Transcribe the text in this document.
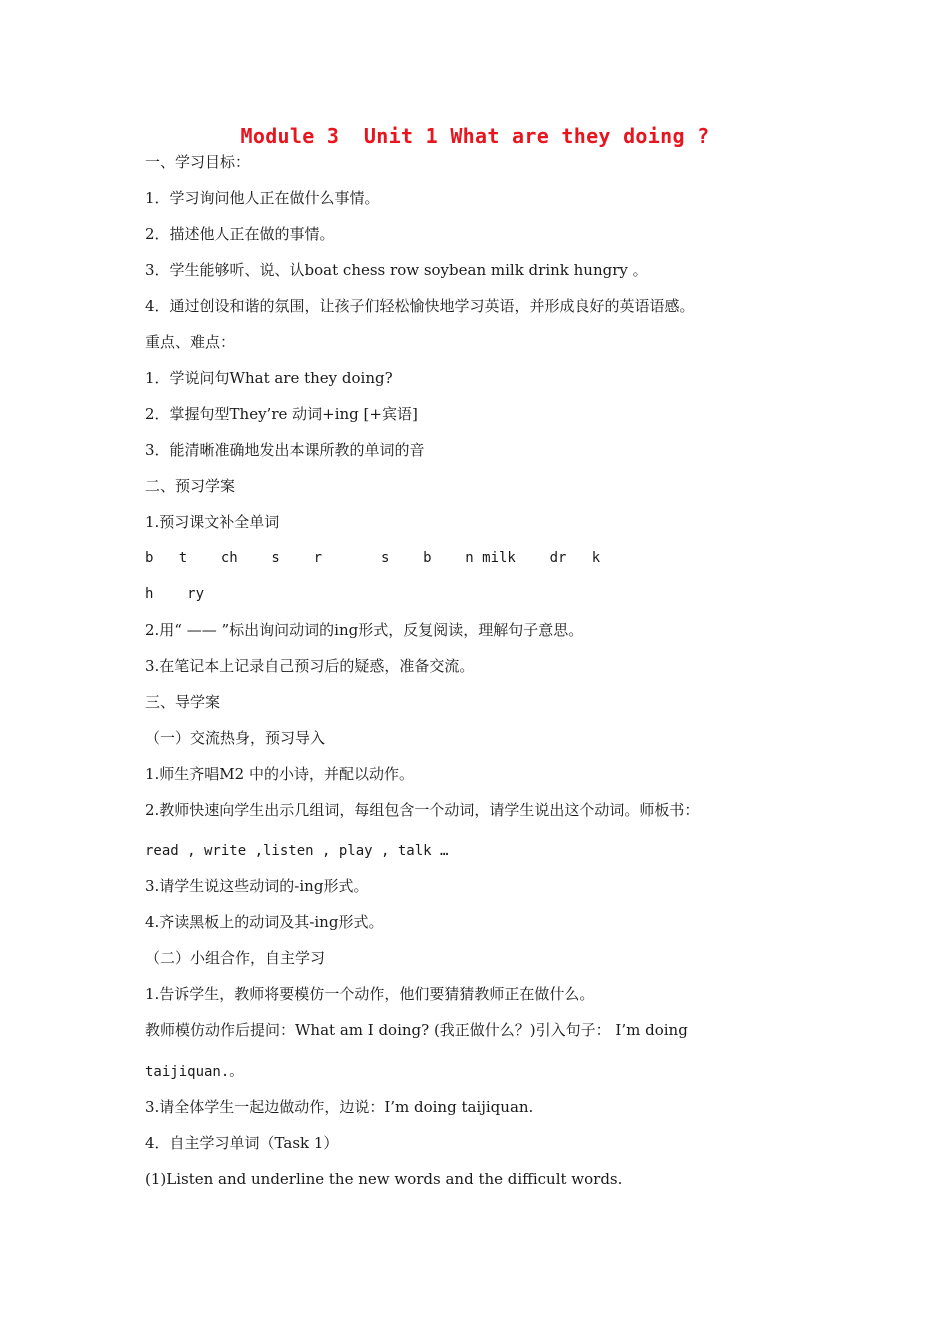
Module 3  Unit 1 What are they doing ?
一、学习目标：
1．学习询问他人正在做什么事情。
2．描述他人正在做的事情。
3．学生能够听、说、认boat chess row soybean milk drink hungry 。
4．通过创设和谐的氛围，让孩子们轻松愉快地学习英语，并形成良好的英语语感。
重点、难点：
1．学说问句What are they doing?
2．掌握句型They’re 动词+ing [+宾语]
3．能清晰准确地发出本课所教的单词的音
二、预习学案
1.预习课文补全单词
b   t    ch    s    r       s    b    n milk    dr   k
h    ry
2.用“ —— ”标出询问动词的ing形式，反复阅读，理解句子意思。
3.在笔记本上记录自己预习后的疑惑，准备交流。
三、导学案
（一）交流热身，预习导入
1.师生齐唱M2 中的小诗，并配以动作。
2.教师快速向学生出示几组词，每组包含一个动词，请学生说出这个动词。师板书：
read , write ,listen , play , talk …
3.请学生说这些动词的-ing形式。
4.齐读黑板上的动词及其-ing形式。
（二）小组合作，自主学习
1.告诉学生，教师将要模仿一个动作，他们要猜猜教师正在做什么。
教师模仿动作后提问：What am I doing? (我正做什么？)引入句子： I’m doing
taijiquan.。
3.请全体学生一起边做动作，边说：I’m doing taijiquan.
4．自主学习单词（Task 1）
(1)Listen and underline the new words and the difficult words.
